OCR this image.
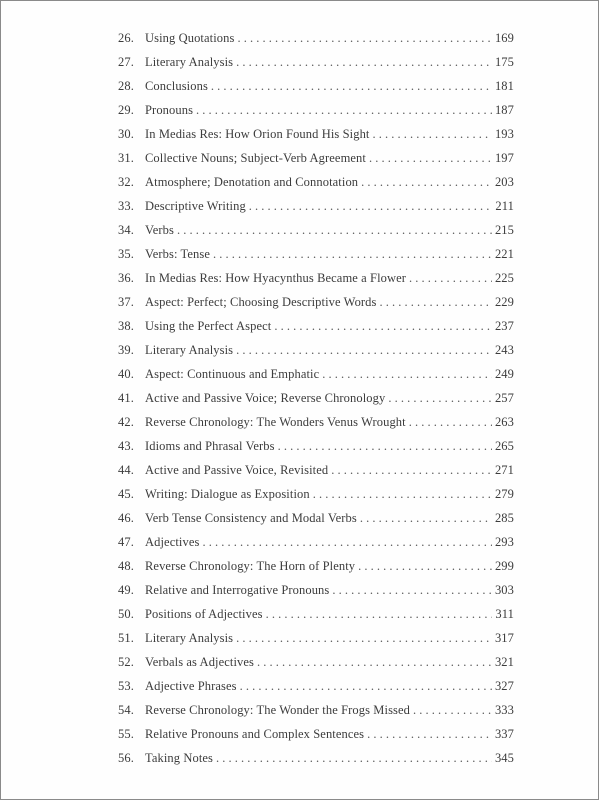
26. Using Quotations . . .	169
27. Literary Analysis . . .	175
28. Conclusions . . .	181
29. Pronouns . . .	187
30. In Medias Res: How Orion Found His Sight . . .	193
31. Collective Nouns; Subject-Verb Agreement . . .	197
32. Atmosphere; Denotation and Connotation . . .	203
33. Descriptive Writing . . .	211
34. Verbs . . .	215
35. Verbs: Tense . . .	221
36. In Medias Res: How Hyacynthus Became a Flower . . .	225
37. Aspect: Perfect; Choosing Descriptive Words . . .	229
38. Using the Perfect Aspect . . .	237
39. Literary Analysis . . .	243
40. Aspect: Continuous and Emphatic . . .	249
41. Active and Passive Voice; Reverse Chronology . . .	257
42. Reverse Chronology: The Wonders Venus Wrought . . .	263
43. Idioms and Phrasal Verbs . . .	265
44. Active and Passive Voice, Revisited . . .	271
45. Writing: Dialogue as Exposition . . .	279
46. Verb Tense Consistency and Modal Verbs . . .	285
47. Adjectives . . .	293
48. Reverse Chronology: The Horn of Plenty . . .	299
49. Relative and Interrogative Pronouns . . .	303
50. Positions of Adjectives . . .	311
51. Literary Analysis . . .	317
52. Verbals as Adjectives . . .	321
53. Adjective Phrases . . .	327
54. Reverse Chronology: The Wonder the Frogs Missed . . .	333
55. Relative Pronouns and Complex Sentences . . .	337
56. Taking Notes . . .	345
